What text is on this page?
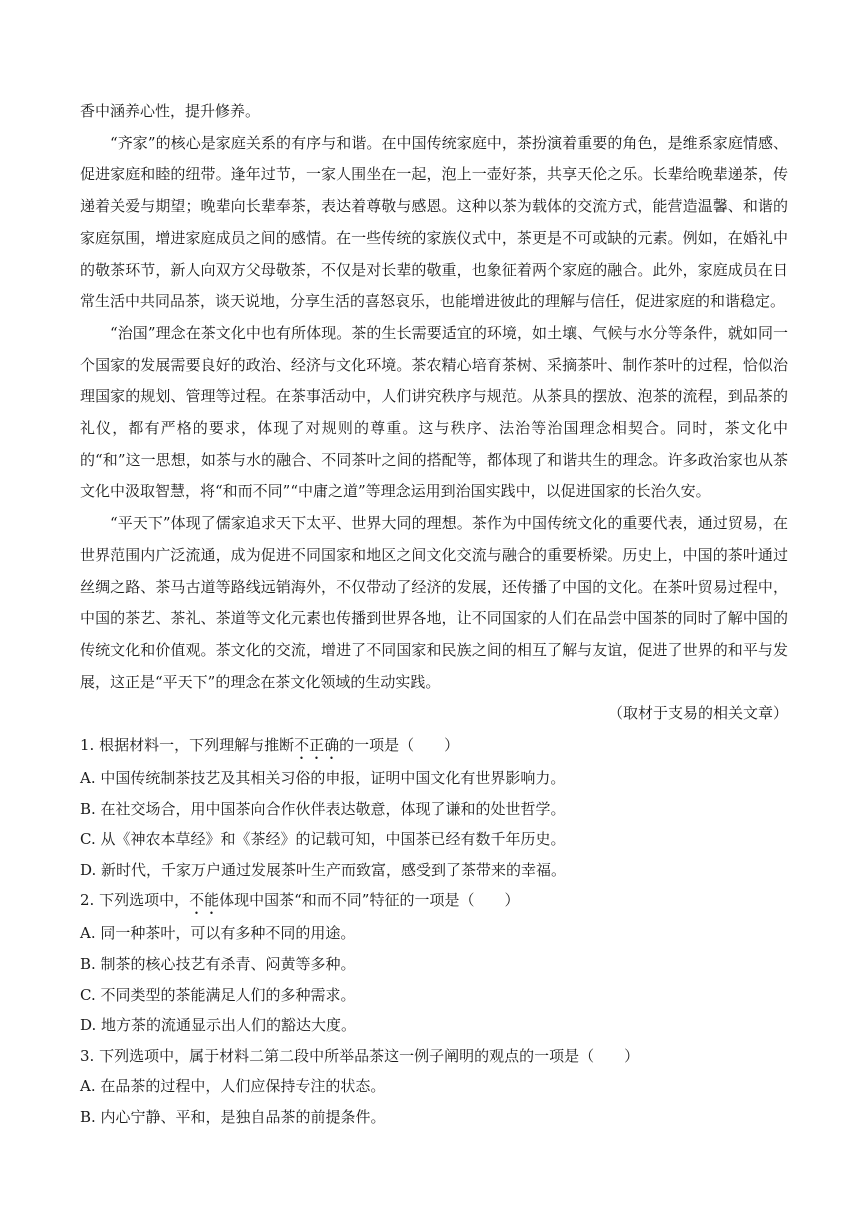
香中涵养心性，提升修养。

“齐家”的核心是家庭关系的有序与和谐。在中国传统家庭中，茶扮演着重要的角色，是维系家庭情感、促进家庭和睦的纽带。逢年过节，一家人围坐在一起，泡上一壶好茶，共享天伦之乐。长辈给晚辈递茶，传递着关爱与期望；晚辈向长辈奉茶，表达着尊敬与感恩。这种以茶为载体的交流方式，能营造温馨、和谐的家庭氛围，增进家庭成员之间的感情。在一些传统的家族仪式中，茶更是不可或缺的元素。例如，在婚礼中的敬茶环节，新人向双方父母敬茶，不仅是对长辈的敬重，也象征着两个家庭的融合。此外，家庭成员在日常生活中共同品茶，谈天说地，分享生活的喜怒哀乐，也能增进彼此的理解与信任，促进家庭的和谐稳定。

“治国”理念在茶文化中也有所体现。茶的生长需要适宜的环境，如土壤、气候与水分等条件，就如同一个国家的发展需要良好的政治、经济与文化环境。茶农精心培育茶树、采摘茶叶、制作茶叶的过程，恰似治理国家的规划、管理等过程。在茶事活动中，人们讲究秩序与规范。从茶具的摆放、泡茶的流程，到品茶的礼仪，都有严格的要求，体现了对规则的尊重。这与秩序、法治等治国理念相契合。同时，茶文化中的“和”这一思想，如茶与水的融合、不同茶叶之间的搭配等，都体现了和谐共生的理念。许多政治家也从茶文化中汲取智慧，将“和而不同”“中庸之道”等理念运用到治国实践中，以促进国家的长治久安。

“平天下”体现了儒家追求天下太平、世界大同的理想。茶作为中国传统文化的重要代表，通过贸易，在世界范围内广泛流通，成为促进不同国家和地区之间文化交流与融合的重要桥梁。历史上，中国的茶叶通过丝绸之路、茶马古道等路线远销海外，不仅带动了经济的发展，还传播了中国的文化。在茶叶贸易过程中，中国的茶艺、茶礼、茶道等文化元素也传播到世界各地，让不同国家的人们在品尝中国茶的同时了解中国的传统文化和价值观。茶文化的交流，增进了不同国家和民族之间的相互了解与友谊，促进了世界的和平与发展，这正是“平天下”的理念在茶文化领域的生动实践。

（取材于支易的相关文章）

1. 根据材料一，下列理解与推断不正确的一项是（　　）

A. 中国传统制茶技艺及其相关习俗的申报，证明中国文化有世界影响力。

B. 在社交场合，用中国茶向合作伙伴表达敬意，体现了谦和的处世哲学。

C. 从《神农本草经》和《茶经》的记载可知，中国茶已经有数千年历史。

D. 新时代，千家万户通过发展茶叶生产而致富，感受到了茶带来的幸福。

2. 下列选项中，不能体现中国茶“和而不同”特征的一项是（　　）

A. 同一种茶叶，可以有多种不同的用途。

B. 制茶的核心技艺有杀青、闷黄等多种。

C. 不同类型的茶能满足人们的多种需求。

D. 地方茶的流通显示出人们的豁达大度。

3. 下列选项中，属于材料二第二段中所举品茶这一例子阐明的观点的一项是（　　）

A. 在品茶的过程中，人们应保持专注的状态。

B. 内心宁静、平和，是独自品茶的前提条件。
